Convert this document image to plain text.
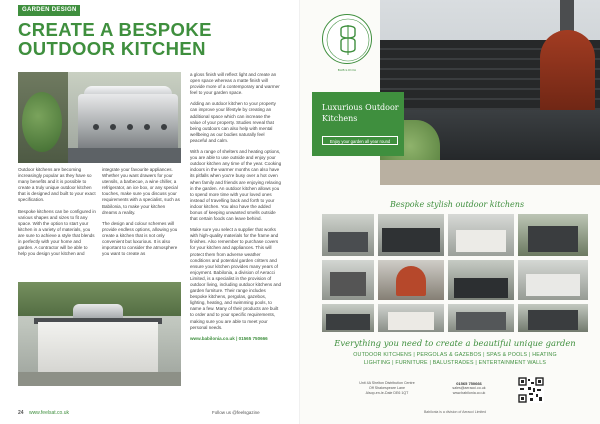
GARDEN DESIGN
CREATE A BESPOKE
OUTDOOR KITCHEN

Outdoor kitchens are becoming increasingly popular as they have so many benefits and it is possible to create a truly unique outdoor kitchen that is designed and built to your exact specification.

Bespoke kitchens can be configured in various shapes and sizes to fit any space. With the option to start your kitchen in a variety of materials, you are sure to achieve a style that blends in perfectly with your home and garden. A contractor will be able to help you design your kitchen and

integrate your favourite appliances. Whether you want drawers for your utensils, a barbecue, a wine chiller, a refrigerator, an ice box, or any special touches, make sure you discuss your requirements with a specialist, such as Babilonia, to make your kitchen dreams a reality.

The design and colour schemes will provide endless options, allowing you create a kitchen that is not only convenient but luxurious. It is also important to consider the atmosphere you want to create as

a gloss finish will reflect light and create an open space whereas a matte finish will provide more of a contemporary and warmer feel to your garden space.

Adding an outdoor kitchen to your property can improve your lifestyle by creating an additional space which can increase the value of your property. Studies reveal that being outdoors can also help with mental wellbeing as our bodies naturally feel peaceful and calm.

With a range of shelters and heating options, you are able to use outside and enjoy your outdoor kitchen any time of the year. Cooking indoors in the warmer months can also have its pitfalls when you're busy over a hot oven when family and friends are enjoying relaxing in the garden. An outdoor kitchen allows you to spend more time with your loved ones instead of travelling back and forth to your indoor kitchen. You also have the added bonus of keeping unwanted smells outside that certain foods can leave behind.

Make sure you select a supplier that works with high-quality materials for the frame and finishes. Also remember to purchase covers for your kitchen and appliances. This will protect them from adverse weather conditions and potential garden critters and ensure your kitchen provides many years of enjoyment. Babilonia, a division of Aeracci Limited, is a specialist in the provision of outdoor living, including outdoor kitchens and garden furniture. Their range includes bespoke kitchens, pergolas, gazebos, lighting, heating, and swimming pools, to name a few. Many of their products are built to order and to your specific requirements, making sure you are able to meet your personal needs.

www.babilonia.co.uk | 01565 750666

24 www.feelsat.co.uk	Follow us @feelsgazine
BABILONIA
Luxurious Outdoor
Kitchens
Enjoy your garden all year round
Bespoke stylish outdoor kitchens
Everything you need to create a beautiful unique garden
OUTDOOR KITCHENS | PERGOLAS & GAZEBOS | SPAS & POOLS | HEATING
LIGHTING | FURNITURE | BALUSTRADES | ENTERTAINMENT WALLS
Unit 4A Shelton Distribution Centre
Off Shakespeare Lane
Alsop-en-le-Dale DE6 1QT
01565 750666
sales@aeracci.co.uk
www.babilonia.co.uk
Babilonia is a division of Aeracci Limited
